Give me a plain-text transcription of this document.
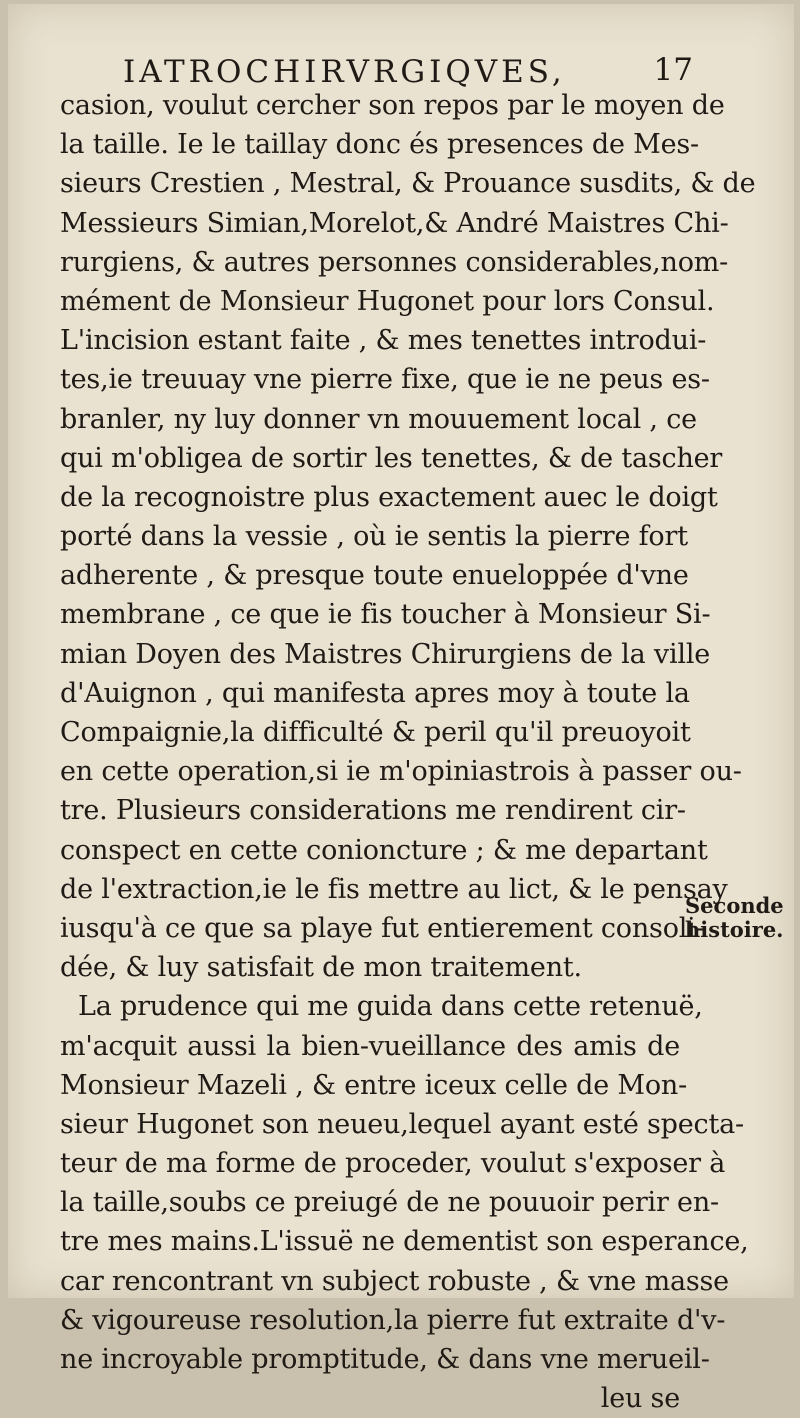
IATROCHIRVRGIQVES,	17
casion, voulut cercher son repos par le moyen de
la taille. Ie le taillay donc és presences de Mes-
sieurs Crestien , Mestral, & Prouance susdits, & de
Messieurs Simian,Morelot,& André Maistres Chi-
rurgiens, & autres personnes considerables,nom-
mément de Monsieur Hugonet pour lors Consul.
L'incision estant faite , & mes tenettes introdui-
tes,ie treuuay vne pierre fixe, que ie ne peus es-
branler, ny luy donner vn mouuement local , ce
qui m'obligea de sortir les tenettes, & de tascher
de la recognoistre plus exactement auec le doigt
porté dans la vessie , où ie sentis la pierre fort
adherente , & presque toute enueloppée d'vne
membrane , ce que ie fis toucher à Monsieur Si-
mian Doyen des Maistres Chirurgiens de la ville
d'Auignon , qui manifesta apres moy à toute la
Compaignie,la difficulté & peril qu'il preuoyoit
en cette operation,si ie m'opiniastrois à passer ou-
tre. Plusieurs considerations me rendirent cir-
conspect en cette conioncture ; & me departant
de l'extraction,ie le fis mettre au lict, & le pensay
iusqu'à ce que sa playe fut entierement consoli-
dée, & luy satisfait de mon traitement.
La prudence qui me guida dans cette retenuë,
m'acquit aussi la bien-vueillance des amis de
Monsieur Mazeli , & entre iceux celle de Mon-
sieur Hugonet son neueu,lequel ayant esté specta-
teur de ma forme de proceder, voulut s'exposer à
la taille,soubs ce preiugé de ne pouuoir perir en-
tre mes mains.L'issuë ne dementist son esperance,
car rencontrant vn subject robuste , & vne masse
& vigoureuse resolution,la pierre fut extraite d'v-
ne incroyable promptitude, & dans vne merueil-
leu se
Seconde
histoire.
